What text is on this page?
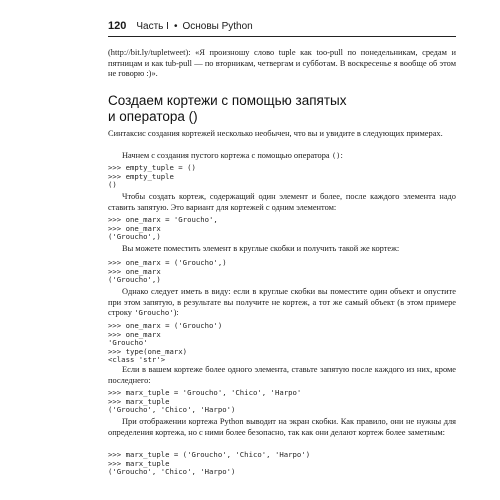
120 Часть I • Основы Python

(http://bit.ly/tupletweet): «Я произношу слово tuple как too-pull по понедельникам, средам и пятницам и как tub-pull — по вторникам, четвергам и субботам. В воскресенье я вообще об этом не говорю :)».

Создаем кортежи с помощью запятых

и оператора ()

Синтаксис создания кортежей несколько необычен, что вы и увидите в следующих примерах.

Начнем с создания пустого кортежа с помощью оператора ():

>>> empty_tuple = ()
>>> empty_tuple
()

Чтобы создать кортеж, содержащий один элемент и более, после каждого элемента надо ставить запятую. Это вариант для кортежей с одним элементом:

>>> one_marx = 'Groucho',
>>> one_marx
('Groucho',)

Вы можете поместить элемент в круглые скобки и получить такой же кортеж:

>>> one_marx = ('Groucho',)
>>> one_marx
('Groucho',)

Однако следует иметь в виду: если в круглые скобки вы поместите один объект и опустите при этом запятую, в результате вы получите не кортеж, а тот же самый объект (в этом примере строку 'Groucho'):

>>> one_marx = ('Groucho')
>>> one_marx
'Groucho'
>>> type(one_marx)
<class 'str'>

Если в вашем кортеже более одного элемента, ставьте запятую после каждого из них, кроме последнего:

>>> marx_tuple = 'Groucho', 'Chico', 'Harpo'
>>> marx_tuple
('Groucho', 'Chico', 'Harpo')

При отображении кортежа Python выводит на экран скобки. Как правило, они не нужны для определения кортежа, но с ними более безопасно, так как они делают кортеж более заметным:

>>> marx_tuple = ('Groucho', 'Chico', 'Harpo')
>>> marx_tuple
('Groucho', 'Chico', 'Harpo')
